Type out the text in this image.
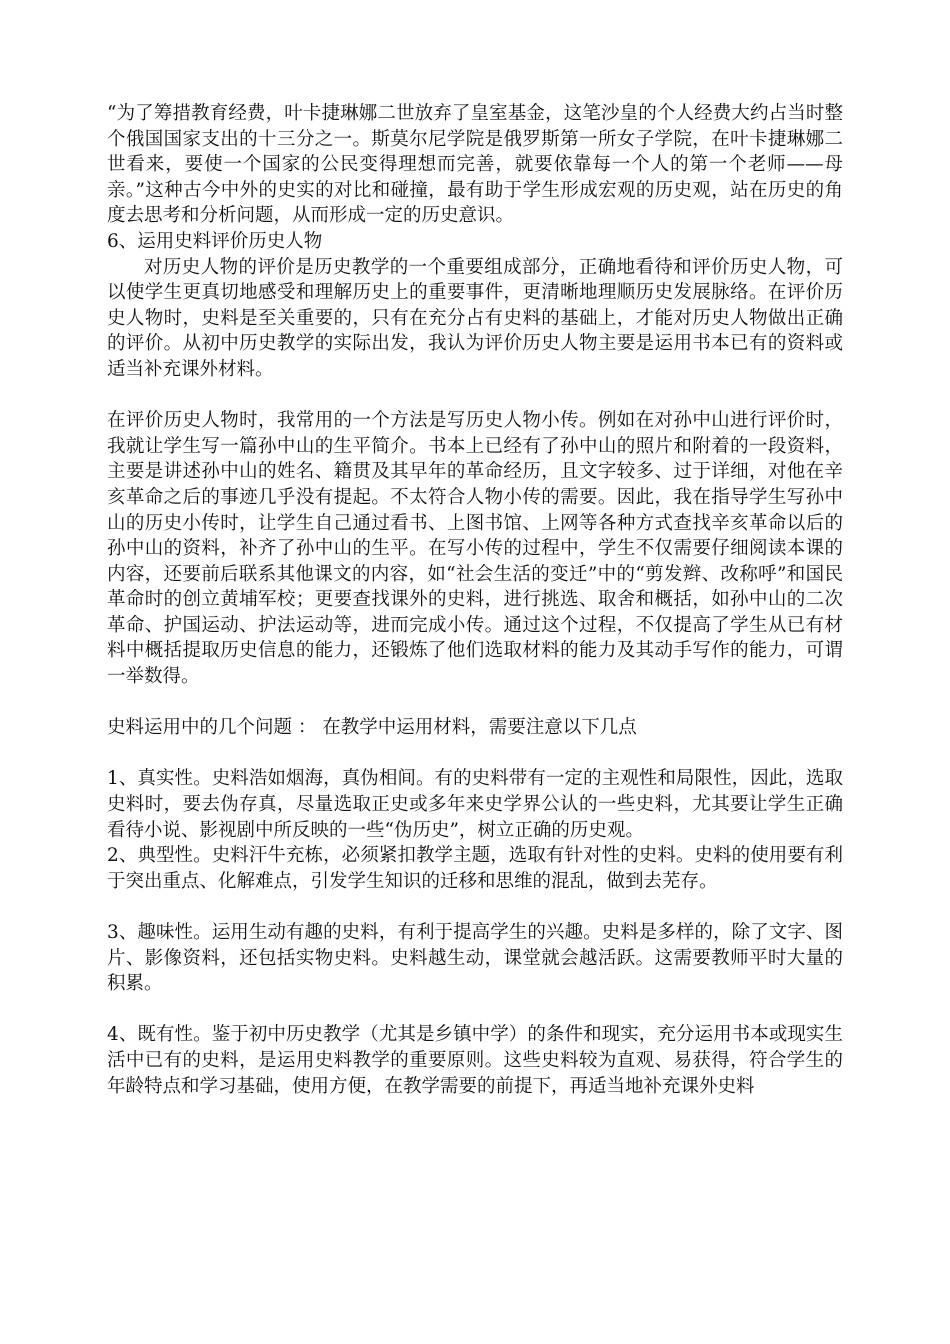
“为了筹措教育经费，叶卡捷琳娜二世放弃了皇室基金，这笔沙皇的个人经费大约占当时整个俄国国家支出的十三分之一。斯莫尔尼学院是俄罗斯第一所女子学院，在叶卡捷琳娜二世看来，要使一个国家的公民变得理想而完善，就要依靠每一个人的第一个老师——母亲。”这种古今中外的史实的对比和碰撞，最有助于学生形成宏观的历史观，站在历史的角度去思考和分析问题，从而形成一定的历史意识。

6、运用史料评价历史人物

对历史人物的评价是历史教学的一个重要组成部分，正确地看待和评价历史人物，可以使学生更真切地感受和理解历史上的重要事件，更清晰地理顺历史发展脉络。在评价历史人物时，史料是至关重要的，只有在充分占有史料的基础上，才能对历史人物做出正确的评价。从初中历史教学的实际出发，我认为评价历史人物主要是运用书本已有的资料或适当补充课外材料。

在评价历史人物时，我常用的一个方法是写历史人物小传。例如在对孙中山进行评价时，我就让学生写一篇孙中山的生平简介。书本上已经有了孙中山的照片和附着的一段资料，主要是讲述孙中山的姓名、籍贯及其早年的革命经历，且文字较多、过于详细，对他在辛亥革命之后的事迹几乎没有提起。不太符合人物小传的需要。因此，我在指导学生写孙中山的历史小传时，让学生自己通过看书、上图书馆、上网等各种方式查找辛亥革命以后的孙中山的资料，补齐了孙中山的生平。在写小传的过程中，学生不仅需要仔细阅读本课的内容，还要前后联系其他课文的内容，如“社会生活的变迁”中的“剪发辫、改称呼”和国民革命时的创立黄埔军校；更要查找课外的史料，进行挑选、取舍和概括，如孙中山的二次革命、护国运动、护法运动等，进而完成小传。通过这个过程，不仅提高了学生从已有材料中概括提取历史信息的能力，还锻炼了他们选取材料的能力及其动手写作的能力，可谓一举数得。

史料运用中的几个问题 ： 在教学中运用材料，需要注意以下几点

1、真实性。史料浩如烟海，真伪相间。有的史料带有一定的主观性和局限性，因此，选取史料时，要去伪存真，尽量选取正史或多年来史学界公认的一些史料，尤其要让学生正确看待小说、影视剧中所反映的一些“伪历史”，树立正确的历史观。

2、典型性。史料汗牛充栋，必须紧扣教学主题，选取有针对性的史料。史料的使用要有利于突出重点、化解难点，引发学生知识的迁移和思维的混乱，做到去芜存。

3、趣味性。运用生动有趣的史料，有利于提高学生的兴趣。史料是多样的，除了文字、图片、影像资料，还包括实物史料。史料越生动，课堂就会越活跃。这需要教师平时大量的积累。

4、既有性。鉴于初中历史教学（尤其是乡镇中学）的条件和现实，充分运用书本或现实生活中已有的史料，是运用史料教学的重要原则。这些史料较为直观、易获得，符合学生的年龄特点和学习基础，使用方便，在教学需要的前提下，再适当地补充课外史料
